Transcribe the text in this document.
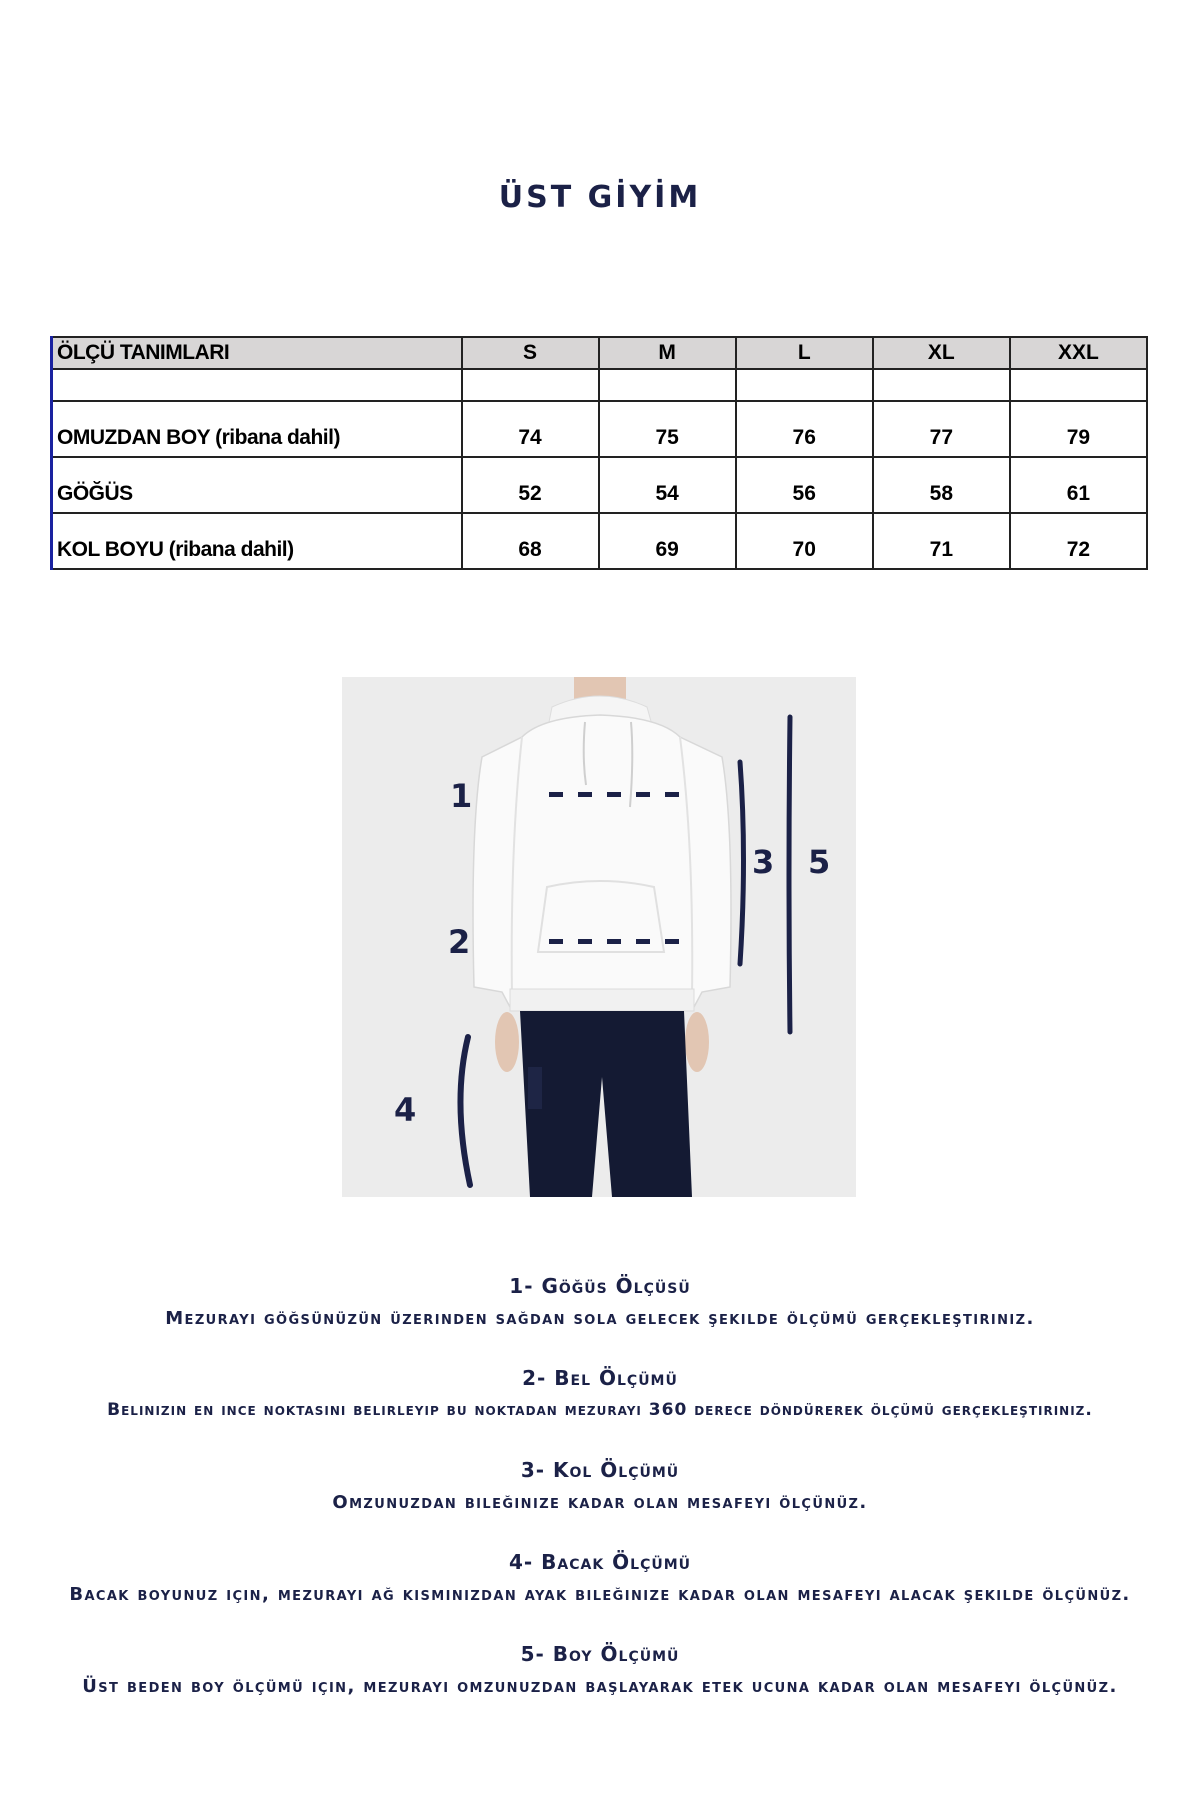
ÜST GİYİM
ÖLÇÜ TANIMLARI	S	M	L	XL	XXL

OMUZDAN BOY (ribana dahil)	74	75	76	77	79
GÖĞÜS	52	54	56	58	61
KOL BOYU (ribana dahil)	68	69	70	71	72
1
2
3
4
5
1- Göğüs Ölçüsü
Mezurayı göğsünüzün üzerinden sağdan sola gelecek şekilde ölçümü gerçekleştiriniz.
2- Bel Ölçümü
Belinizin en ince noktasını belirleyip bu noktadan mezurayı 360 derece döndürerek ölçümü gerçekleştiriniz.
3- Kol Ölçümü
Omzunuzdan bileğinize kadar olan mesafeyi ölçünüz.
4- Bacak Ölçümü
Bacak boyunuz için, mezurayı ağ kısmınızdan ayak bileğinize kadar olan mesafeyi alacak şekilde ölçünüz.
5- Boy Ölçümü
Üst beden boy ölçümü için, mezurayı omzunuzdan başlayarak etek ucuna kadar olan mesafeyi ölçünüz.
